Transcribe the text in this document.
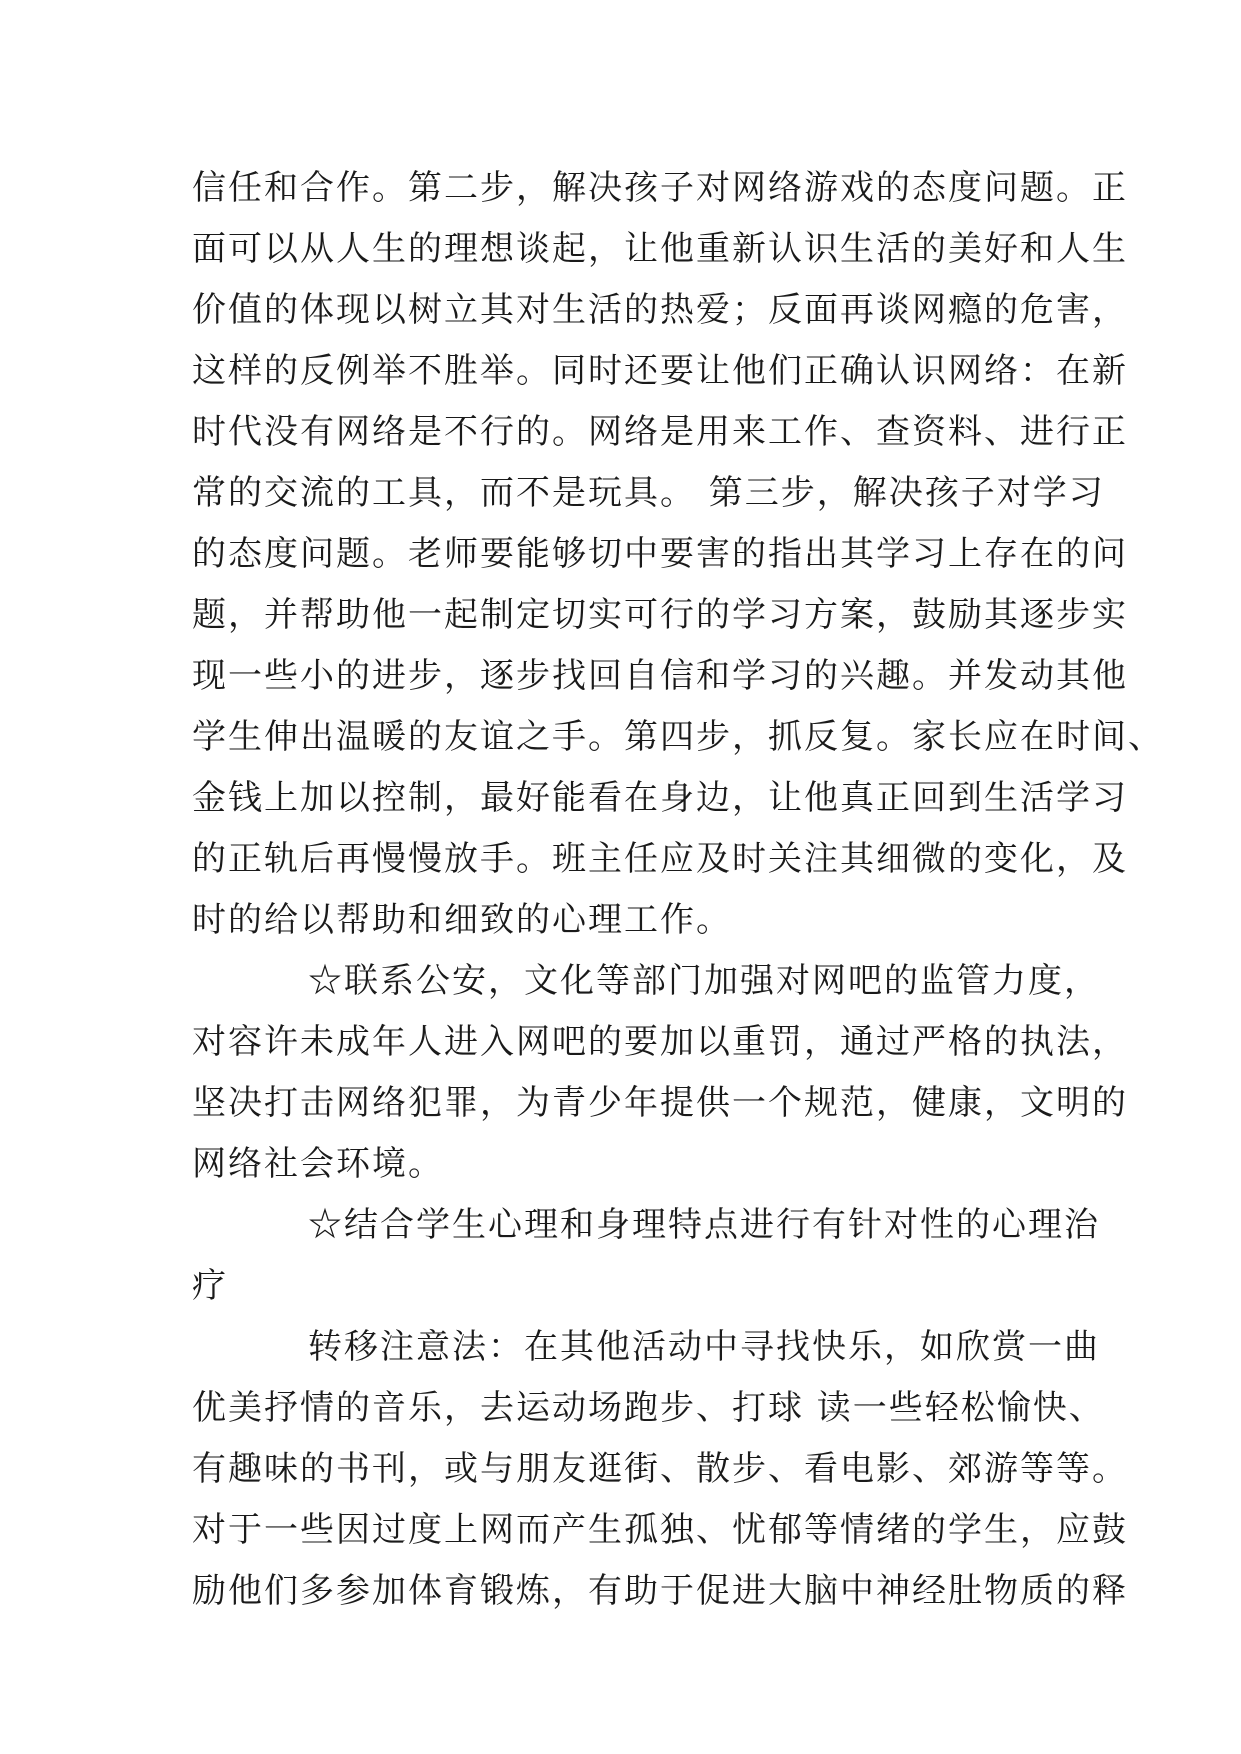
信任和合作。第二步，解决孩子对网络游戏的态度问题。正
面可以从人生的理想谈起，让他重新认识生活的美好和人生
价值的体现以树立其对生活的热爱；反面再谈网瘾的危害，
这样的反例举不胜举。同时还要让他们正确认识网络：在新
时代没有网络是不行的。网络是用来工作、查资料、进行正
常的交流的工具，而不是玩具。 第三步，解决孩子对学习
的态度问题。老师要能够切中要害的指出其学习上存在的问
题，并帮助他一起制定切实可行的学习方案，鼓励其逐步实
现一些小的进步，逐步找回自信和学习的兴趣。并发动其他
学生伸出温暖的友谊之手。第四步，抓反复。家长应在时间、
金钱上加以控制，最好能看在身边，让他真正回到生活学习
的正轨后再慢慢放手。班主任应及时关注其细微的变化，及
时的给以帮助和细致的心理工作。
☆联系公安，文化等部门加强对网吧的监管力度，
对容许未成年人进入网吧的要加以重罚，通过严格的执法，
坚决打击网络犯罪，为青少年提供一个规范，健康，文明的
网络社会环境。
☆结合学生心理和身理特点进行有针对性的心理治
疗
转移注意法：在其他活动中寻找快乐，如欣赏一曲
优美抒情的音乐，去运动场跑步、打球 读一些轻松愉快、
有趣味的书刊，或与朋友逛街、散步、看电影、郊游等等。
对于一些因过度上网而产生孤独、忧郁等情绪的学生，应鼓
励他们多参加体育锻炼，有助于促进大脑中神经肚物质的释
